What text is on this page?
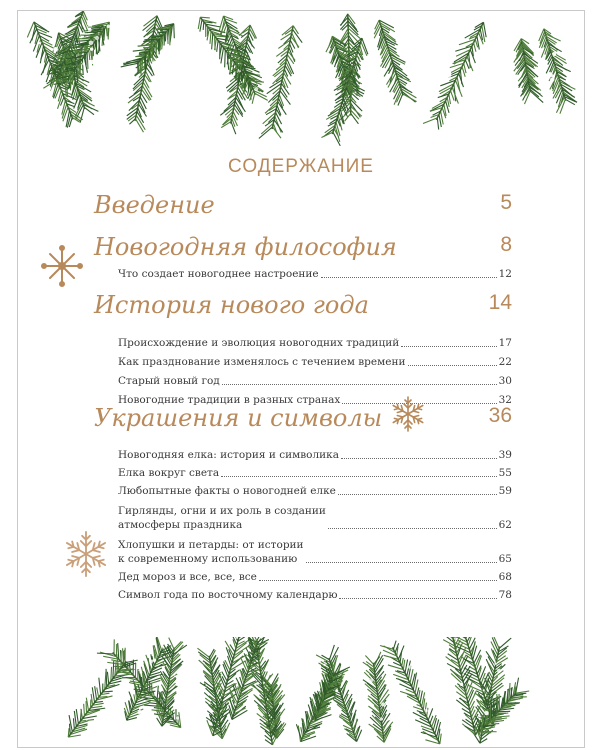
СОДЕРЖАНИЕ
Введение	5
Новогодняя философия	8
Что создает новогоднее настроение	12
История нового года	14
Происхождение и эволюция новогодних традиций	17
Как празднование изменялось с течением времени	22
Старый новый год	30
Новогодние традиции в разных странах	32
Украшения и символы	36
Новогодняя елка: история и символика	39
Елка вокруг света	55
Любопытные факты о новогодней елке	59
Гирлянды, огни и их роль в создании
атмосферы праздника	62
Хлопушки и петарды: от истории
к современному использованию	65
Дед мороз и все, все, все	68
Символ года по восточному календарю	78
